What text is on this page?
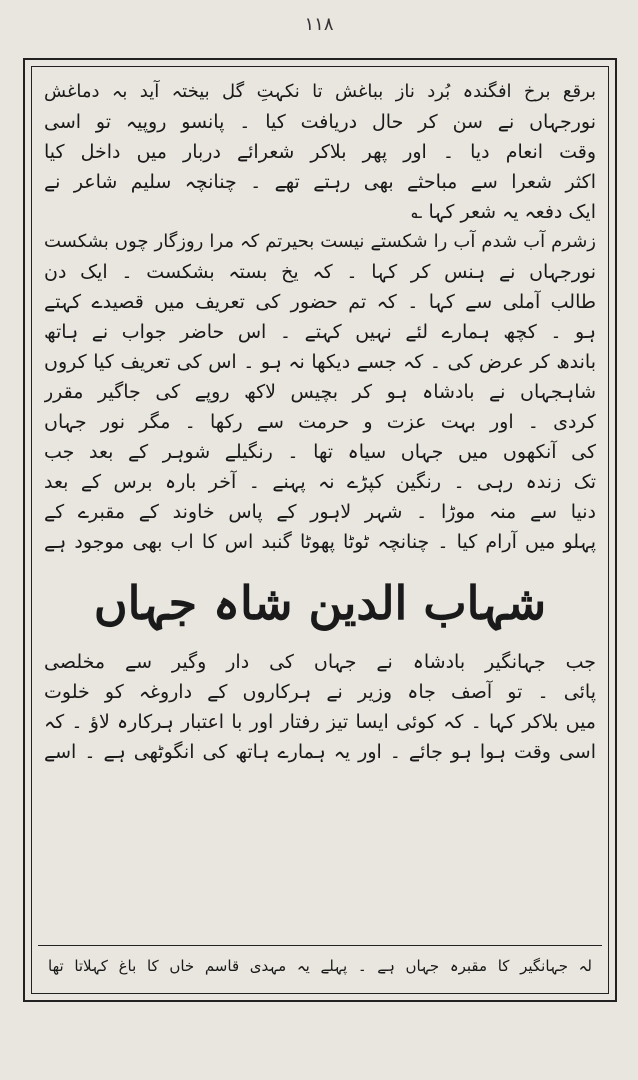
۱۱۸
برقع برخ افگندہ بُرد ناز بباغش تا نکہتِ گل بیختہ آید بہ دماغش
نورجہاں نے سن کر حال دریافت کیا ۔ پانسو روپیہ تو اسی
وقت انعام دیا ۔ اور پھر بلاکر شعرائے دربار میں داخل کیا
اکثر شعرا سے مباحثے بھی رہتے تھے ۔ چنانچہ سلیم شاعر نے
ایک دفعہ یہ شعر کہا ؎
زشرم آب شدم آب را شکستے نیست بحیرتم کہ مرا روزگار چوں بشکست
نورجہاں نے ہنس کر کہا ۔ کہ یخ بستہ بشکست ۔ ایک دن
طالب آملی سے کہا ۔ کہ تم حضور کی تعریف میں قصیدے کہتے
ہو ۔ کچھ ہمارے لئے نہیں کہتے ۔ اس حاضر جواب نے ہاتھ
باندھ کر عرض کی ۔ کہ جسے دیکھا نہ ہو ۔ اس کی تعریف کیا کروں
شاہجہاں نے بادشاہ ہو کر بچیس لاکھ روپے کی جاگیر مقرر
کردی ۔ اور بہت عزت و حرمت سے رکھا ۔ مگر نور جہاں
کی آنکھوں میں جہاں سیاہ تھا ۔ رنگیلے شوہر کے بعد جب
تک زندہ رہی ۔ رنگین کپڑے نہ پہنے ۔ آخر بارہ برس کے بعد
دنیا سے منہ موڑا ۔ شہر لاہور کے پاس خاوند کے مقبرے کے
پہلو میں آرام کیا ۔ چنانچہ ٹوٹا پھوٹا گنبد اس کا اب بھی موجود ہے
شہاب الدین شاہ جہاں
جب جہانگیر بادشاہ نے جہاں کی دار وگیر سے مخلصی
پائی ۔ تو آصف جاہ وزیر نے ہرکاروں کے داروغہ کو خلوت
میں بلاکر کہا ۔ کہ کوئی ایسا تیز رفتار اور با اعتبار ہرکارہ لاؤ ۔ کہ
اسی وقت ہوا ہو جائے ۔ اور یہ ہمارے ہاتھ کی انگوٹھی ہے ۔ اسے
لہ جہانگیر کا مقبرہ جہاں ہے ۔ پہلے یہ مہدی قاسم خاں کا باغ کہلاتا تھا
